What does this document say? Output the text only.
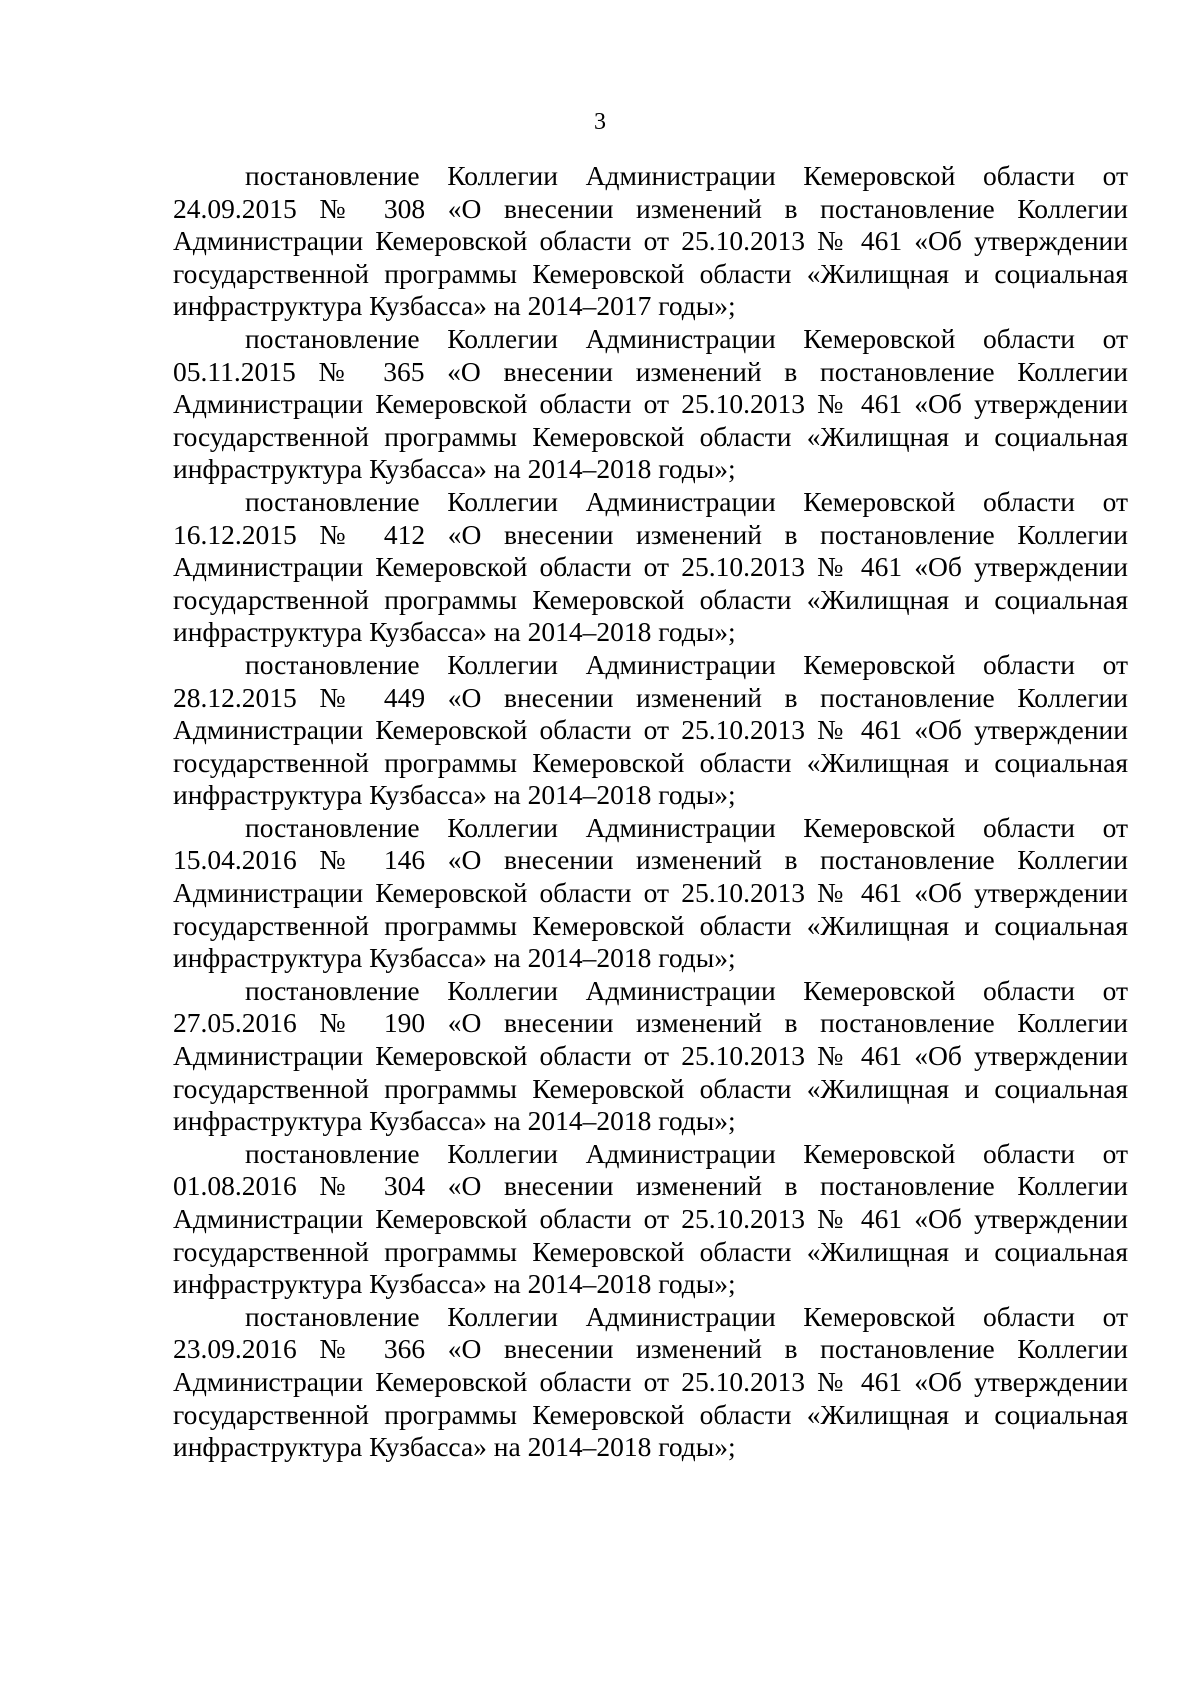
3

постановление Коллегии Администрации Кемеровской области от 24.09.2015 № 308 «О внесении изменений в постановление Коллегии Администрации Кемеровской области от 25.10.2013 № 461 «Об утверждении государственной программы Кемеровской области «Жилищная и социальная инфраструктура Кузбасса» на 2014–2017 годы»;

постановление Коллегии Администрации Кемеровской области от 05.11.2015 № 365 «О внесении изменений в постановление Коллегии Администрации Кемеровской области от 25.10.2013 № 461 «Об утверждении государственной программы Кемеровской области «Жилищная и социальная инфраструктура Кузбасса» на 2014–2018 годы»;

постановление Коллегии Администрации Кемеровской области от 16.12.2015 № 412 «О внесении изменений в постановление Коллегии Администрации Кемеровской области от 25.10.2013 № 461 «Об утверждении государственной программы Кемеровской области «Жилищная и социальная инфраструктура Кузбасса» на 2014–2018 годы»;

постановление Коллегии Администрации Кемеровской области от 28.12.2015 № 449 «О внесении изменений в постановление Коллегии Администрации Кемеровской области от 25.10.2013 № 461 «Об утверждении государственной программы Кемеровской области «Жилищная и социальная инфраструктура Кузбасса» на 2014–2018 годы»;

постановление Коллегии Администрации Кемеровской области от 15.04.2016 № 146 «О внесении изменений в постановление Коллегии Администрации Кемеровской области от 25.10.2013 № 461 «Об утверждении государственной программы Кемеровской области «Жилищная и социальная инфраструктура Кузбасса» на 2014–2018 годы»;

постановление Коллегии Администрации Кемеровской области от 27.05.2016 № 190 «О внесении изменений в постановление Коллегии Администрации Кемеровской области от 25.10.2013 № 461 «Об утверждении государственной программы Кемеровской области «Жилищная и социальная инфраструктура Кузбасса» на 2014–2018 годы»;

постановление Коллегии Администрации Кемеровской области от 01.08.2016 № 304 «О внесении изменений в постановление Коллегии Администрации Кемеровской области от 25.10.2013 № 461 «Об утверждении государственной программы Кемеровской области «Жилищная и социальная инфраструктура Кузбасса» на 2014–2018 годы»;

постановление Коллегии Администрации Кемеровской области от 23.09.2016 № 366 «О внесении изменений в постановление Коллегии Администрации Кемеровской области от 25.10.2013 № 461 «Об утверждении государственной программы Кемеровской области «Жилищная и социальная инфраструктура Кузбасса» на 2014–2018 годы»;
